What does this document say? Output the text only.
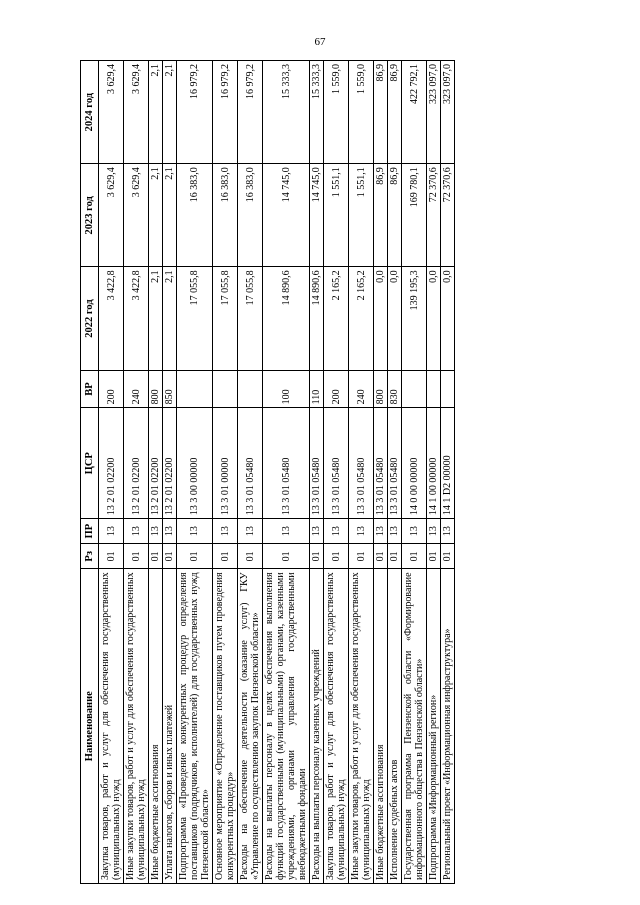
67
Наименование	Рз	ПР	ЦСР	ВР	2022 год	2023 год	2024 год
Закупка товаров, работ и услуг для обеспечения государственных (муниципальных) нужд	01	13	13 2 01 02200	200	3 422,8	3 629,4	3 629,4
Иные закупки товаров, работ и услуг для обеспечения государственных (муниципальных) нужд	01	13	13 2 01 02200	240	3 422,8	3 629,4	3 629,4
Иные бюджетные ассигнования	01	13	13 2 01 02200	800	2,1	2,1	2,1
Уплата налогов, сборов и иных платежей	01	13	13 2 01 02200	850	2,1	2,1	2,1
Подпрограмма «Проведение конкурентных процедур определения поставщиков (подрядчиков, исполнителей) для государственных нужд Пензенской области»	01	13	13 3 00 00000		17 055,8	16 383,0	16 979,2
Основное мероприятие «Определение поставщиков путем проведения конкурентных процедур»	01	13	13 3 01 00000		17 055,8	16 383,0	16 979,2
Расходы на обеспечение деятельности (оказание услуг) ГКУ «Управление по осуществлению закупок Пензенской области»	01	13	13 3 01 05480		17 055,8	16 383,0	16 979,2
Расходы на выплаты персоналу в целях обеспечения выполнения функций государственными (муниципальными) органами, казенными учреждениями, органами управления государственными внебюджетными фондами	01	13	13 3 01 05480	100	14 890,6	14 745,0	15 333,3
Расходы на выплаты персоналу казенных учреждений	01	13	13 3 01 05480	110	14 890,6	14 745,0	15 333,3
Закупка товаров, работ и услуг для обеспечения государственных (муниципальных) нужд	01	13	13 3 01 05480	200	2 165,2	1 551,1	1 559,0
Иные закупки товаров, работ и услуг для обеспечения государственных (муниципальных) нужд	01	13	13 3 01 05480	240	2 165,2	1 551,1	1 559,0
Иные бюджетные ассигнования	01	13	13 3 01 05480	800	0,0	86,9	86,9
Исполнение судебных актов	01	13	13 3 01 05480	830	0,0	86,9	86,9
Государственная программа Пензенской области «Формирование информационного общества в Пензенской области»	01	13	14 0 00 00000		139 195,3	169 780,1	422 792,1
Подпрограмма «Информационный регион»	01	13	14 1 00 00000		0,0	72 370,6	323 097,0
Региональный проект «Информационная инфраструктура»	01	13	14 1 D2 00000		0,0	72 370,6	323 097,0
